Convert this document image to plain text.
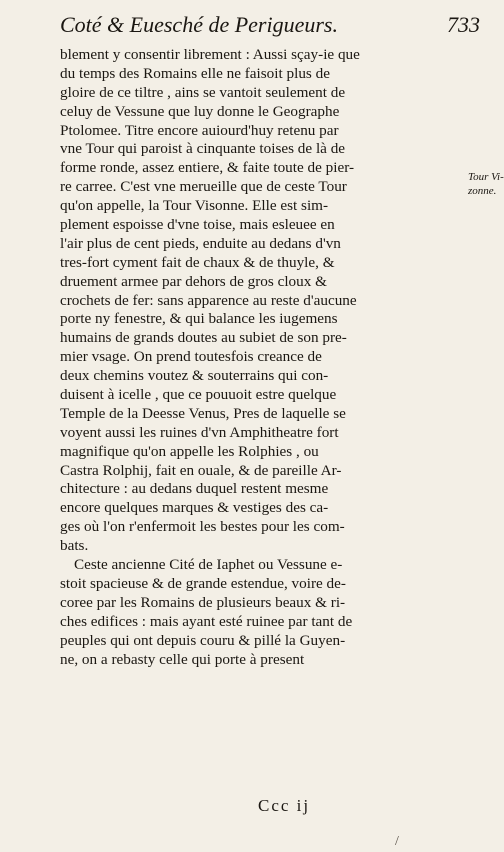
Coté & Euesché de Perigueurs.	733
blement y consentir librement : Aussi sçay-ie que
du temps des Romains elle ne faisoit plus de
gloire de ce tiltre , ains se vantoit seulement de
celuy de Vessune que luy donne le Geographe
Ptolomee. Titre encore auiourd'huy retenu par
vne Tour qui paroist à cinquante toises de là de
forme ronde, assez entiere, & faite toute de pier-
re carree. C'est vne merueille que de ceste Tour
qu'on appelle, la Tour Visonne. Elle est sim-
plement espoisse d'vne toise, mais esleuee en
l'air plus de cent pieds, enduite au dedans d'vn
tres-fort cyment fait de chaux & de thuyle, &
druement armee par dehors de gros cloux &
crochets de fer: sans apparence au reste d'aucune
porte ny fenestre, & qui balance les iugemens
humains de grands doutes au subiet de son pre-
mier vsage. On prend toutesfois creance de
deux chemins voutez & souterrains qui con-
duisent à icelle , que ce pouuoit estre quelque
Temple de la Deesse Venus, Pres de laquelle se
voyent aussi les ruines d'vn Amphitheatre fort
magnifique qu'on appelle les Rolphies , ou
Castra Rolphij, fait en ouale, & de pareille Ar-
chitecture : au dedans duquel restent mesme
encore quelques marques & vestiges des ca-
ges où l'on r'enfermoit les bestes pour les com-
bats.
Ceste ancienne Cité de Iaphet ou Vessune e-
stoit spacieuse & de grande estendue, voire de-
coree par les Romains de plusieurs beaux & ri-
ches edifices : mais ayant esté ruinee par tant de
peuples qui ont depuis couru & pillé la Guyen-
ne, on a rebasty celle qui porte à present
Tour Vi-
zonne.
Ccc ij
/
